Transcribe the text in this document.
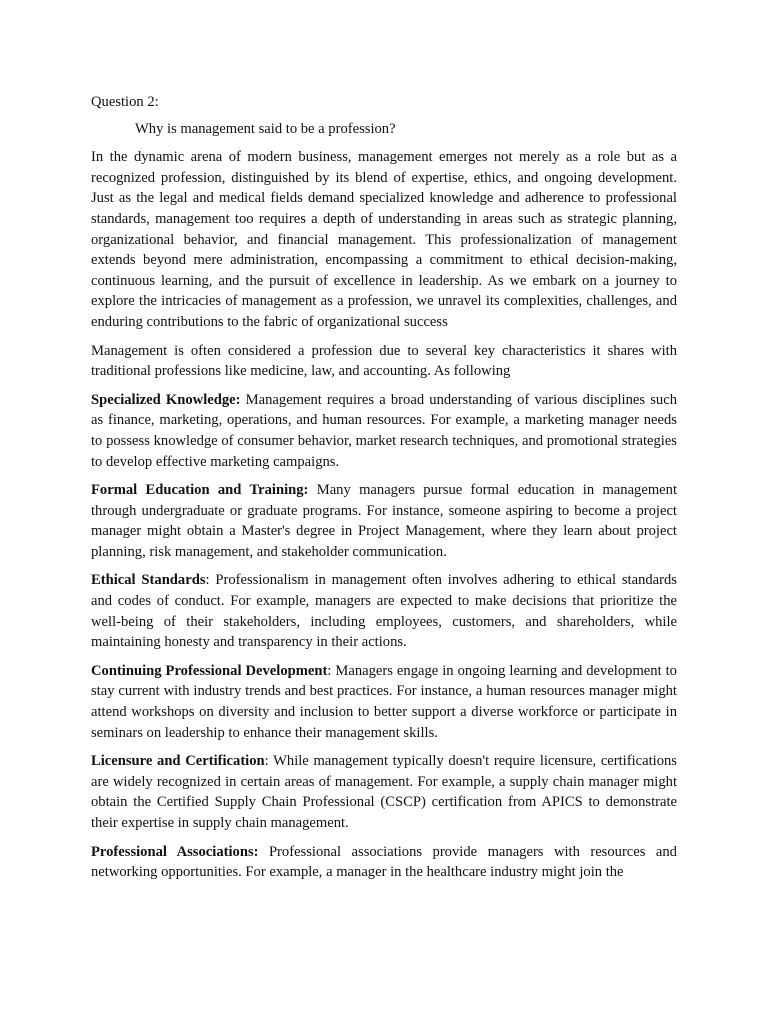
Question 2:
Why is management said to be a profession?

In the dynamic arena of modern business, management emerges not merely as a role but as a recognized profession, distinguished by its blend of expertise, ethics, and ongoing development. Just as the legal and medical fields demand specialized knowledge and adherence to professional standards, management too requires a depth of understanding in areas such as strategic planning, organizational behavior, and financial management. This professionalization of management extends beyond mere administration, encompassing a commitment to ethical decision-making, continuous learning, and the pursuit of excellence in leadership. As we embark on a journey to explore the intricacies of management as a profession, we unravel its complexities, challenges, and enduring contributions to the fabric of organizational success

Management is often considered a profession due to several key characteristics it shares with traditional professions like medicine, law, and accounting. As following

Specialized Knowledge: Management requires a broad understanding of various disciplines such as finance, marketing, operations, and human resources. For example, a marketing manager needs to possess knowledge of consumer behavior, market research techniques, and promotional strategies to develop effective marketing campaigns.

Formal Education and Training: Many managers pursue formal education in management through undergraduate or graduate programs. For instance, someone aspiring to become a project manager might obtain a Master's degree in Project Management, where they learn about project planning, risk management, and stakeholder communication.

Ethical Standards: Professionalism in management often involves adhering to ethical standards and codes of conduct. For example, managers are expected to make decisions that prioritize the well-being of their stakeholders, including employees, customers, and shareholders, while maintaining honesty and transparency in their actions.

Continuing Professional Development: Managers engage in ongoing learning and development to stay current with industry trends and best practices. For instance, a human resources manager might attend workshops on diversity and inclusion to better support a diverse workforce or participate in seminars on leadership to enhance their management skills.

Licensure and Certification: While management typically doesn't require licensure, certifications are widely recognized in certain areas of management. For example, a supply chain manager might obtain the Certified Supply Chain Professional (CSCP) certification from APICS to demonstrate their expertise in supply chain management.

Professional Associations: Professional associations provide managers with resources and networking opportunities. For example, a manager in the healthcare industry might join the
